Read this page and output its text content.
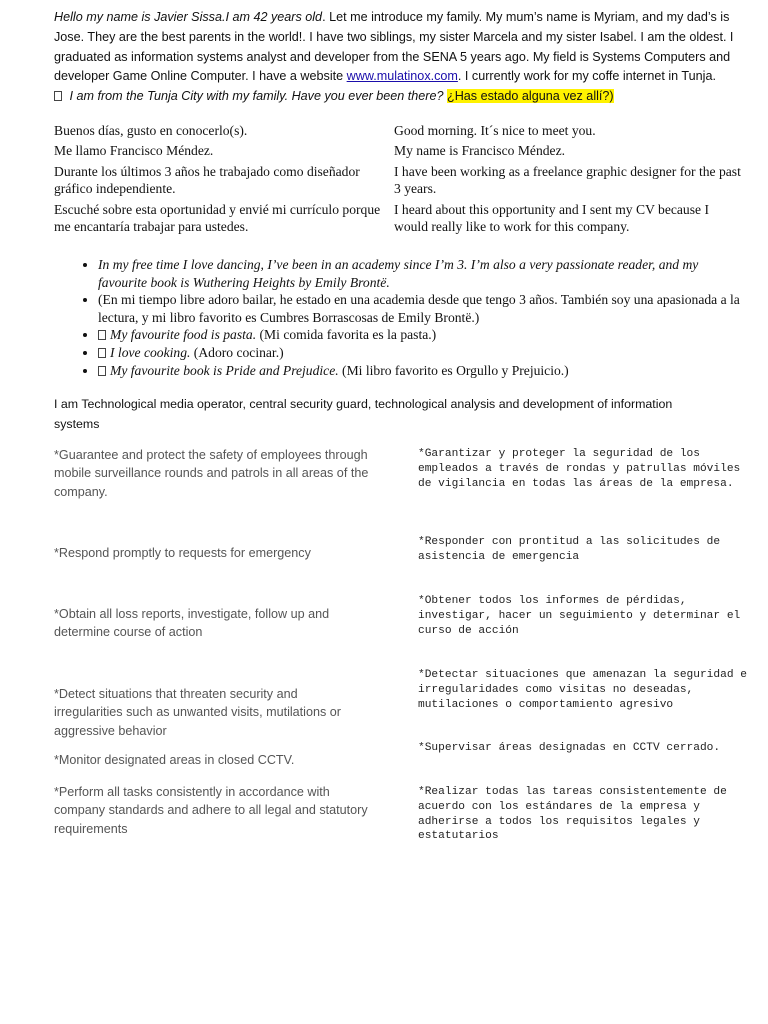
Hello my name is Javier Sissa.I am 42 years old. Let me introduce my family. My mum’s name is Myriam, and my dad’s is Jose. They are the best parents in the world!. I have two siblings, my sister Marcela and my sister Isabel. I am the oldest. I graduated as information systems analyst and developer from the SENA 5 years ago. My field is Systems Computers and developer Game Online Computer. I have a website www.mulatinox.com. I currently work for my coffe internet in Tunja.
I am from the Tunja City with my family. Have you ever been there? ¿Has estado alguna vez allí?)
Buenos días, gusto en conocerlo(s).	Good morning. It´s nice to meet you.
Me llamo Francisco Méndez.	My name is Francisco Méndez.
Durante los últimos 3 años he trabajado como diseñador gráfico independiente.
I have been working as a freelance graphic designer for the past 3 years.
Escuché sobre esta oportunidad y envié mi currículo porque me encantaría trabajar para ustedes.
I heard about this opportunity and I sent my CV because I would really like to work for this company.
• In my free time I love dancing, I’ve been in an academy since I’m 3. I’m also a very passionate reader, and my favourite book is Wuthering Heights by Emily Brontë.
• (En mi tiempo libre adoro bailar, he estado en una academia desde que tengo 3 años. También soy una apasionada a la lectura, y mi libro favorito es Cumbres Borrascosas de Emily Brontë.)
• My favourite food is pasta. (Mi comida favorita es la pasta.)
• I love cooking. (Adoro cocinar.)
• My favourite book is Pride and Prejudice. (Mi libro favorito es Orgullo y Prejuicio.)
I am Technological media operator, central security guard, technological analysis and development of information systems
*Guarantee and protect the safety of employees through mobile surveillance rounds and patrols in all areas of the company.
*Respond promptly to requests for emergency
*Obtain all loss reports, investigate, follow up and determine course of action
*Detect situations that threaten security and irregularities such as unwanted visits, mutilations or aggressive behavior
*Monitor designated areas in closed CCTV.
*Perform all tasks consistently in accordance with company standards and adhere to all legal and statutory requirements
*Garantizar y proteger la seguridad de los empleados a través de rondas y patrullas móviles de vigilancia en todas las áreas de la empresa.
*Responder con prontitud a las solicitudes de asistencia de emergencia
*Obtener todos los informes de pérdidas, investigar, hacer un seguimiento y determinar el curso de acción
*Detectar situaciones que amenazan la seguridad e irregularidades como visitas no deseadas, mutilaciones o comportamiento agresivo
*Supervisar áreas designadas en CCTV cerrado.
*Realizar todas las tareas consistentemente de acuerdo con los estándares de la empresa y adherirse a todos los requisitos legales y estatutarios
